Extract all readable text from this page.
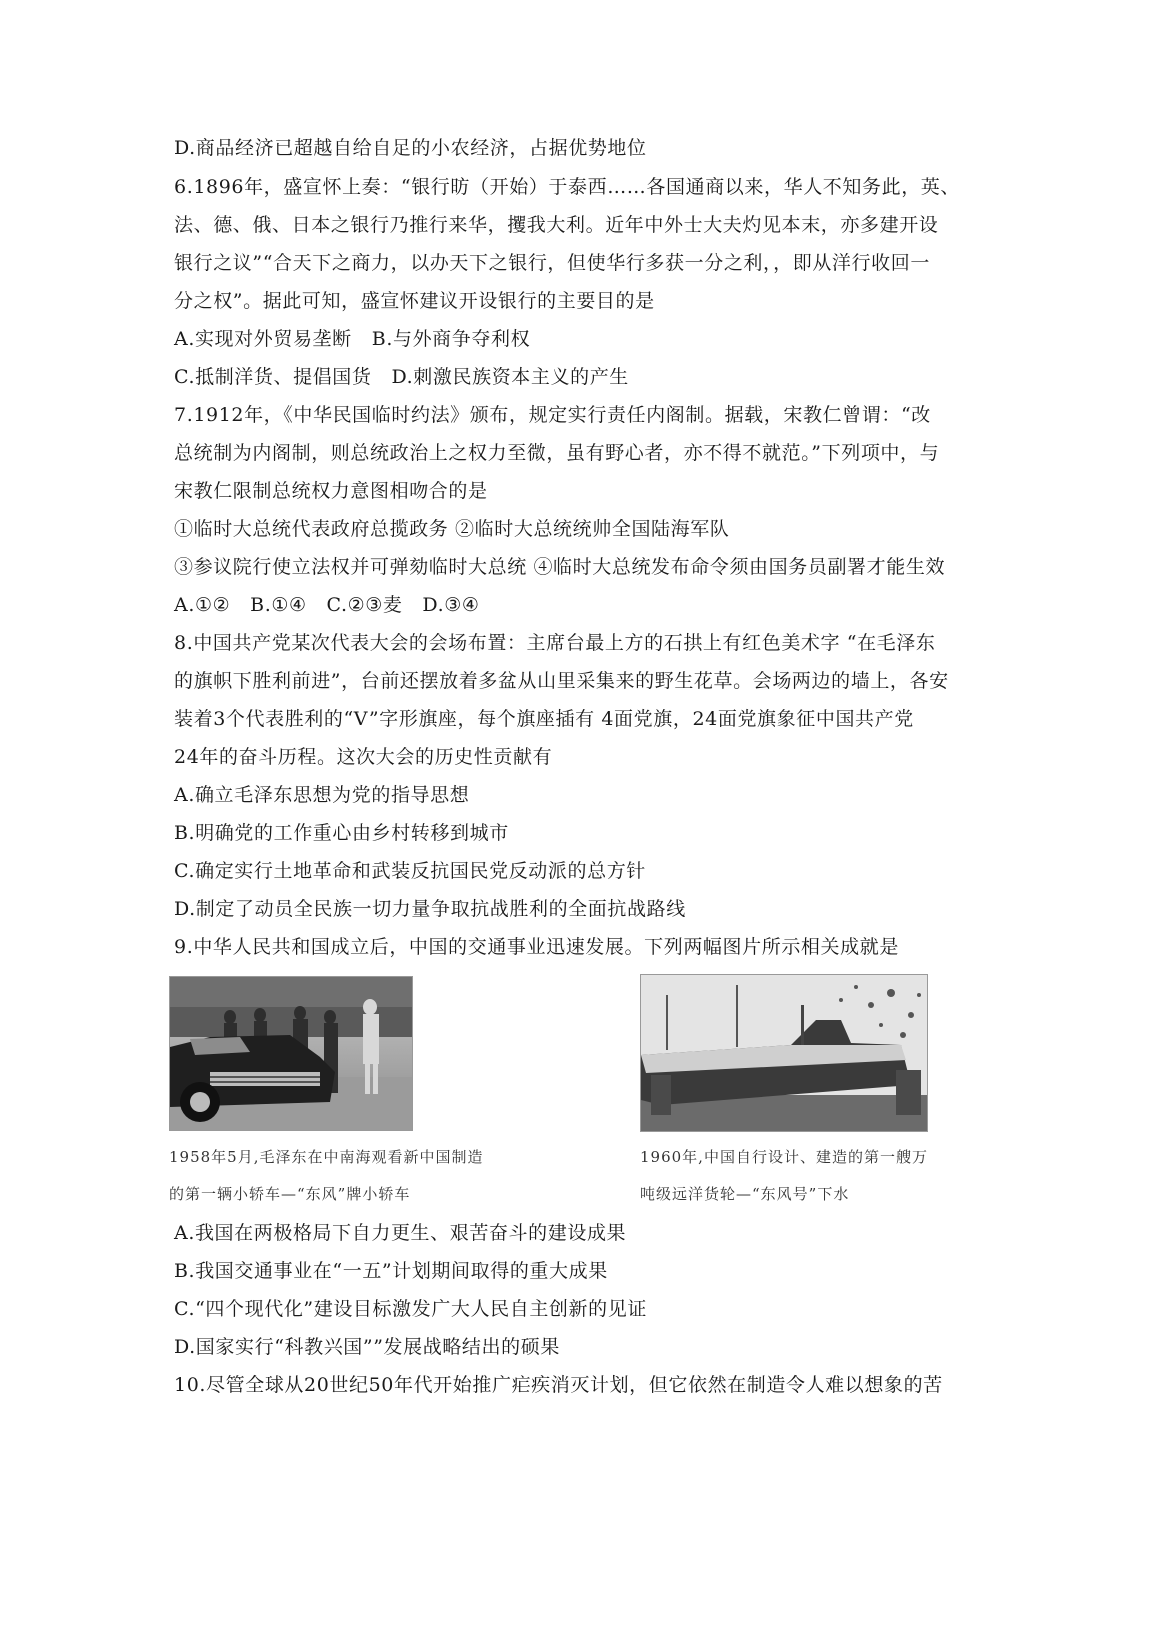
D.商品经济已超越自给自足的小农经济，占据优势地位
6.1896年，盛宣怀上奏：“银行昉（开始）于泰西……各国通商以来，华人不知务此，英、
法、德、俄、日本之银行乃推行来华，攫我大利。近年中外士大夫灼见本末，亦多建开设
银行之议”“合天下之商力，以办天下之银行，但使华行多获一分之利，，即从洋行收回一
分之权”。据此可知，盛宣怀建议开设银行的主要目的是
A.实现对外贸易垄断 B.与外商争夺利权
C.抵制洋货、提倡国货 D.刺激民族资本主义的产生
7.1912年，《中华民国临时约法》颁布，规定实行责任内阁制。据载，宋教仁曾谓：“改
总统制为内阁制，则总统政治上之权力至微，虽有野心者，亦不得不就范。”下列项中，与
宋教仁限制总统权力意图相吻合的是
①临时大总统代表政府总揽政务 ②临时大总统统帅全国陆海军队
③参议院行使立法权并可弹劾临时大总统 ④临时大总统发布命令须由国务员副署才能生效
A.①②   B.①④   C.②③麦   D.③④
8.中国共产党某次代表大会的会场布置：主席台最上方的石拱上有红色美术字 “在毛泽东
的旗帜下胜利前进”，台前还摆放着多盆从山里采集来的野生花草。会场两边的墙上，各安
装着3个代表胜利的“V”字形旗座，每个旗座插有 4面党旗，24面党旗象征中国共产党
24年的奋斗历程。这次大会的历史性贡献有
A.确立毛泽东思想为党的指导思想
B.明确党的工作重心由乡村转移到城市
C.确定实行土地革命和武装反抗国民党反动派的总方针
D.制定了动员全民族一切力量争取抗战胜利的全面抗战路线
9.中华人民共和国成立后，中国的交通事业迅速发展。下列两幅图片所示相关成就是
1958年5月,毛泽东在中南海观看新中国制造
的第一辆小轿车—“东风”牌小轿车
1960年,中国自行设计、建造的第一艘万
吨级远洋货轮—“东风号”下水
A.我国在两极格局下自力更生、艰苦奋斗的建设成果
B.我国交通事业在“一五”计划期间取得的重大成果
C.“四个现代化”建设目标激发广大人民自主创新的见证
D.国家实行“科教兴国””发展战略结出的硕果
10.尽管全球从20世纪50年代开始推广疟疾消灭计划，但它依然在制造令人难以想象的苦
